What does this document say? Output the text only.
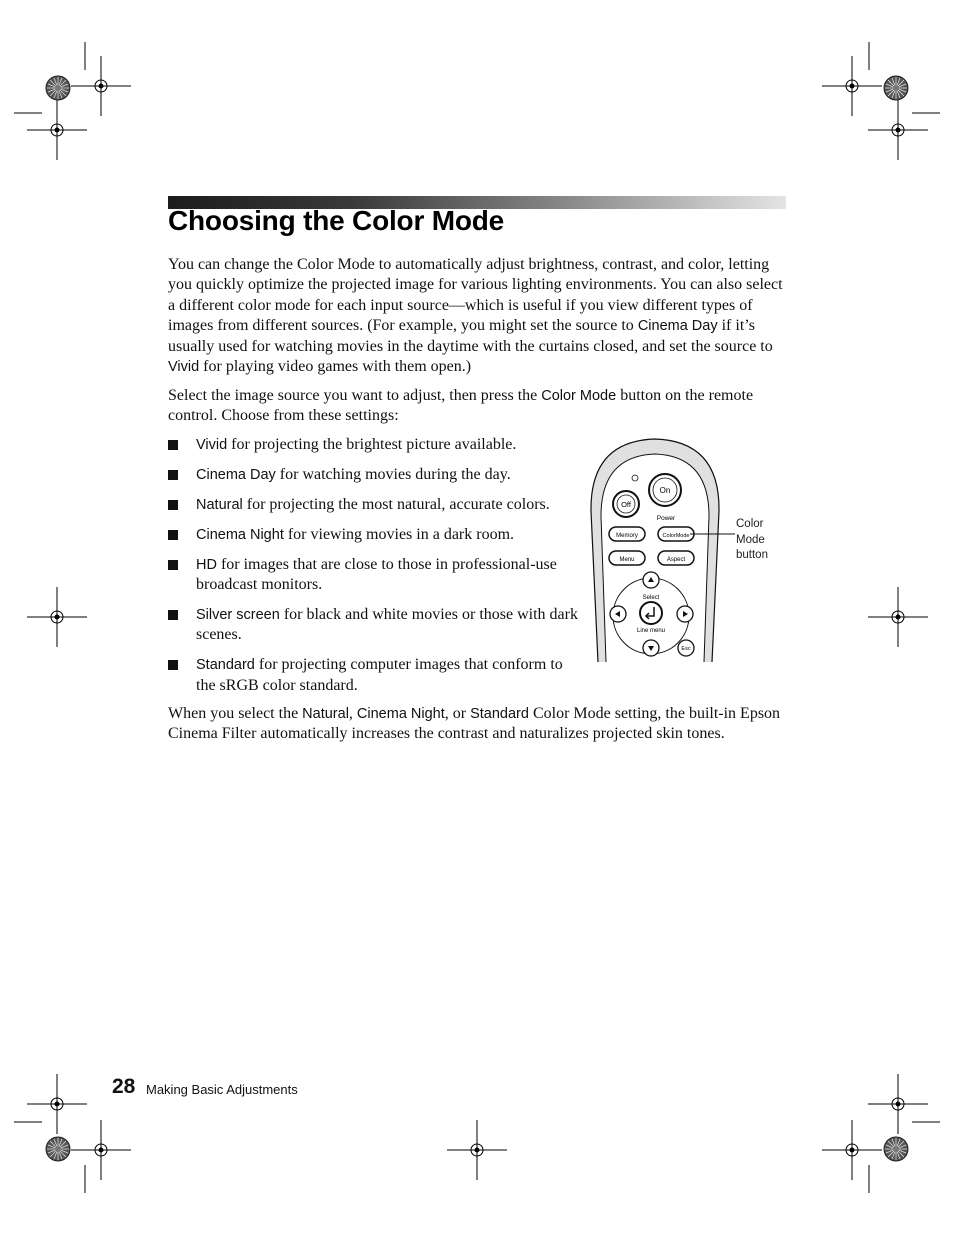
Choosing the Color Mode

You can change the Color Mode to automatically adjust brightness, contrast, and color, letting you quickly optimize the projected image for various lighting environments. You can also select a different color mode for each input source—which is useful if you view different types of images from different sources. (For example, you might set the source to Cinema Day if it’s usually used for watching movies in the daytime with the curtains closed, and set the source to Vivid for playing video games with them open.)

Select the image source you want to adjust, then press the Color Mode button on the remote control. Choose from these settings:

Vivid for projecting the brightest picture available.
Cinema Day for watching movies during the day.
Natural for projecting the most natural, accurate colors.
Cinema Night for viewing movies in a dark room.
HD for images that are close to those in professional-use broadcast monitors.
Silver screen for black and white movies or those with dark scenes.
Standard for projecting computer images that conform to the sRGB color standard.

When you select the Natural, Cinema Night, or Standard Color Mode setting, the built-in Epson Cinema Filter automatically increases the contrast and naturalizes projected skin tones.

On
Off
Power
Memory	ColorMode
Menu	Aspect
Select
Line menu
Esc
Color
Mode
button
28 Making Basic Adjustments
